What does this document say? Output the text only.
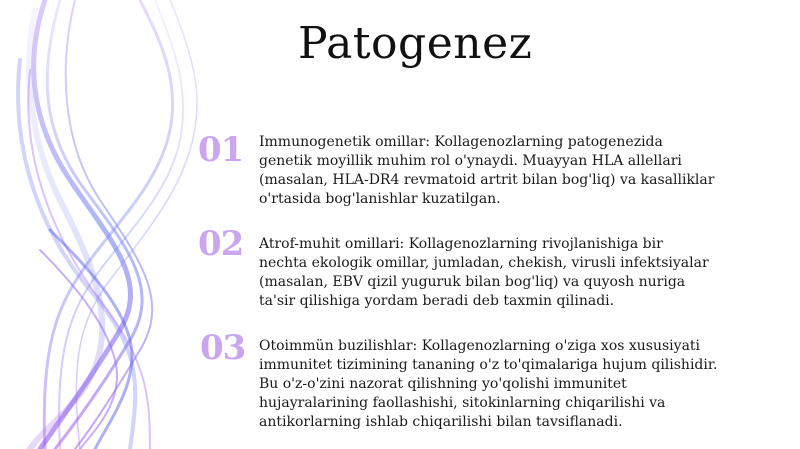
Patogenez
01 Immunogenetik omillar: Kollagenozlarning patogenezida
genetik moyillik muhim rol o'ynaydi. Muayyan HLA allellari
(masalan, HLA-DR4 revmatoid artrit bilan bog'liq) va kasalliklar
o'rtasida bog'lanishlar kuzatilgan.
02 Atrof-muhit omillari: Kollagenozlarning rivojlanishiga bir
nechta ekologik omillar, jumladan, chekish, virusli infektsiyalar
(masalan, EBV qizil yuguruk bilan bog'liq) va quyosh nuriga
ta'sir qilishiga yordam beradi deb taxmin qilinadi.
03 Otoimmün buzilishlar: Kollagenozlarning o'ziga xos xususiyati
immunitet tizimining tananing o'z to'qimalariga hujum qilishidir.
Bu o'z-o'zini nazorat qilishning yo'qolishi immunitet
hujayralarining faollashishi, sitokinlarning chiqarilishi va
antikorlarning ishlab chiqarilishi bilan tavsiflanadi.
